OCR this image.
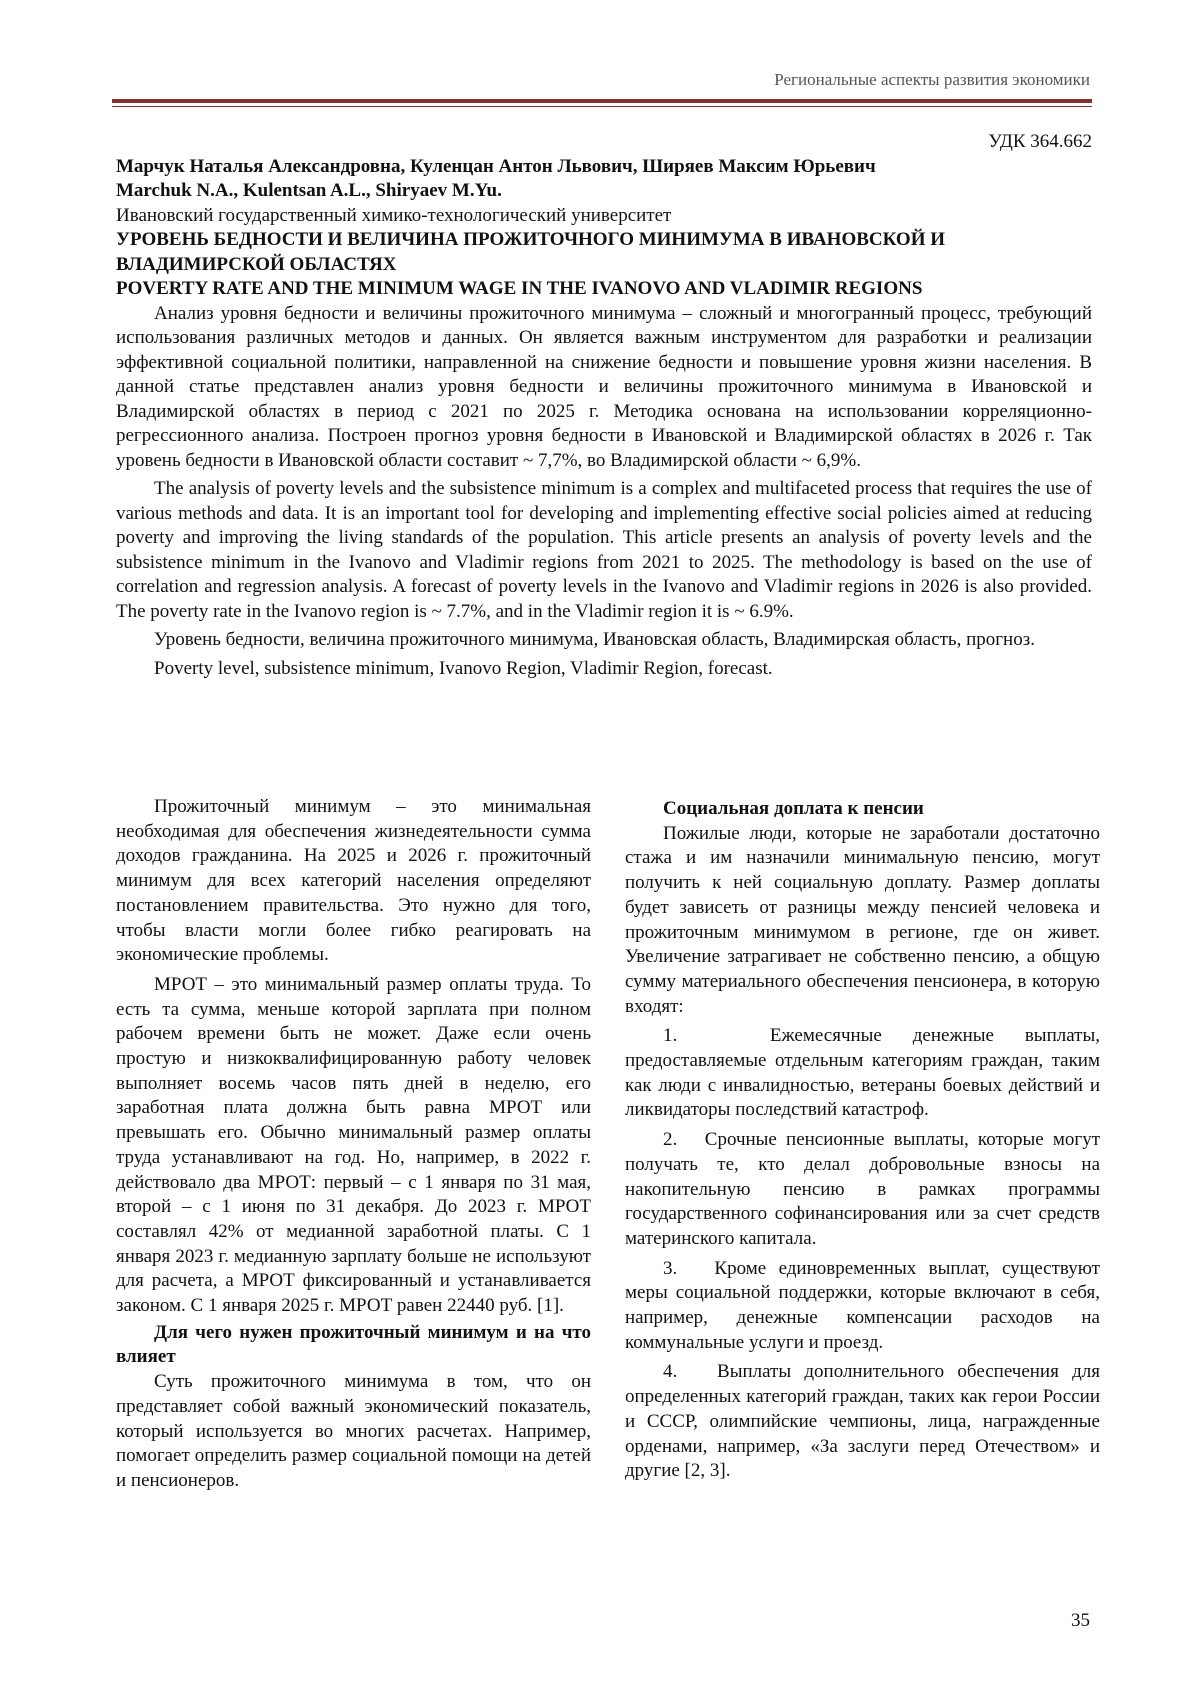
Региональные аспекты развития экономики
УДК 364.662
Марчук Наталья Александровна, Куленцан Антон Львович, Ширяев Максим Юрьевич
Marchuk N.A., Kulentsan A.L., Shiryaev M.Yu.
Ивановский государственный химико-технологический университет
УРОВЕНЬ БЕДНОСТИ И ВЕЛИЧИНА ПРОЖИТОЧНОГО МИНИМУМА В ИВАНОВСКОЙ И ВЛАДИМИРСКОЙ ОБЛАСТЯХ
POVERTY RATE AND THE MINIMUM WAGE IN THE IVANOVO AND VLADIMIR REGIONS

Анализ уровня бедности и величины прожиточного минимума – сложный и многогранный процесс, требующий использования различных методов и данных. Он является важным инструментом для разработки и реализации эффективной социальной политики, направленной на снижение бедности и повышение уровня жизни населения. В данной статье представлен анализ уровня бедности и величины прожиточного минимума в Ивановской и Владимирской областях в период с 2021 по 2025 г. Методика основана на использовании корреляционно-регрессионного анализа. Построен прогноз уровня бедности в Ивановской и Владимирской областях в 2026 г. Так уровень бедности в Ивановской области составит ~ 7,7%, во Владимирской области ~ 6,9%.

The analysis of poverty levels and the subsistence minimum is a complex and multifaceted process that requires the use of various methods and data. It is an important tool for developing and implementing effective social policies aimed at reducing poverty and improving the living standards of the population. This article presents an analysis of poverty levels and the subsistence minimum in the Ivanovo and Vladimir regions from 2021 to 2025. The methodology is based on the use of correlation and regression analysis. A forecast of poverty levels in the Ivanovo and Vladimir regions in 2026 is also provided. The poverty rate in the Ivanovo region is ~ 7.7%, and in the Vladimir region it is ~ 6.9%.

Уровень бедности, величина прожиточного минимума, Ивановская область, Владимирская область, прогноз.

Poverty level, subsistence minimum, Ivanovo Region, Vladimir Region, forecast.

Прожиточный минимум – это минимальная необходимая для обеспечения жизнедеятельности сумма доходов гражданина. На 2025 и 2026 г. прожиточный минимум для всех категорий населения определяют постановлением правительства. Это нужно для того, чтобы власти могли более гибко реагировать на экономические проблемы.

МРОТ – это минимальный размер оплаты труда. То есть та сумма, меньше которой зарплата при полном рабочем времени быть не может. Даже если очень простую и низкоквалифицированную работу человек выполняет восемь часов пять дней в неделю, его заработная плата должна быть равна МРОТ или превышать его. Обычно минимальный размер оплаты труда устанавливают на год. Но, например, в 2022 г. действовало два МРОТ: первый – с 1 января по 31 мая, второй – с 1 июня по 31 декабря. До 2023 г. МРОТ составлял 42% от медианной заработной платы. С 1 января 2023 г. медианную зарплату больше не используют для расчета, а МРОТ фиксированный и устанавливается законом. С 1 января 2025 г. МРОТ равен 22440 руб. [1].

Для чего нужен прожиточный минимум и на что влияет

Суть прожиточного минимума в том, что он представляет собой важный экономический показатель, который используется во многих расчетах. Например, помогает определить размер социальной помощи на детей и пенсионеров.

Социальная доплата к пенсии

Пожилые люди, которые не заработали достаточно стажа и им назначили минимальную пенсию, могут получить к ней социальную доплату. Размер доплаты будет зависеть от разницы между пенсией человека и прожиточным минимумом в регионе, где он живет. Увеличение затрагивает не собственно пенсию, а общую сумму материального обеспечения пенсионера, в которую входят:

1.   Ежемесячные денежные выплаты, предоставляемые отдельным категориям граждан, таким как люди с инвалидностью, ветераны боевых действий и ликвидаторы последствий катастроф.

2.   Срочные пенсионные выплаты, которые могут получать те, кто делал добровольные взносы на накопительную пенсию в рамках программы государственного софинансирования или за счет средств материнского капитала.

3.   Кроме единовременных выплат, существуют меры социальной поддержки, которые включают в себя, например, денежные компенсации расходов на коммунальные услуги и проезд.

4.   Выплаты дополнительного обеспечения для определенных категорий граждан, таких как герои России и СССР, олимпийские чемпионы, лица, награжденные орденами, например, «За заслуги перед Отечеством» и другие [2, 3].

35
